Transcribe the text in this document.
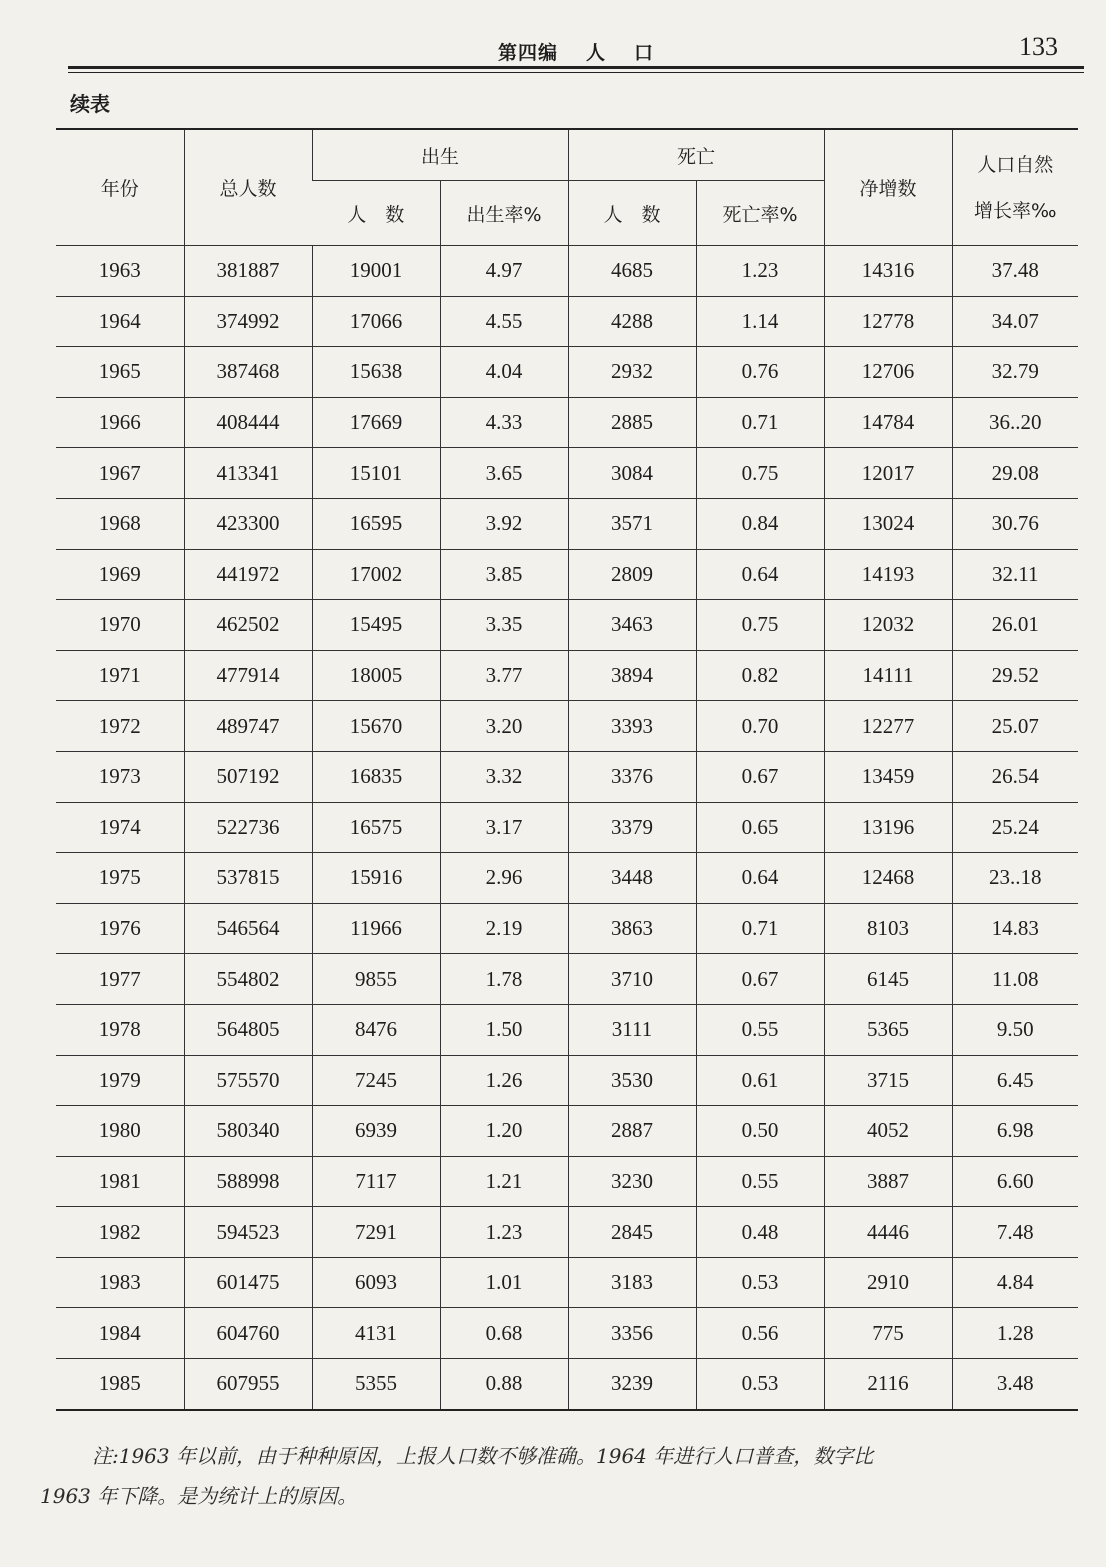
第四编 人 口	133
续表
年份	总人数	出生		死亡		净增数	人口自然
增长率‰

		人　数	出生率%	人　数	死亡率%		
1963	381887	19001	4.97	4685	1.23	14316	37.48
1964	374992	17066	4.55	4288	1.14	12778	34.07
1965	387468	15638	4.04	2932	0.76	12706	32.79
1966	408444	17669	4.33	2885	0.71	14784	36..20
1967	413341	15101	3.65	3084	0.75	12017	29.08
1968	423300	16595	3.92	3571	0.84	13024	30.76
1969	441972	17002	3.85	2809	0.64	14193	32.11
1970	462502	15495	3.35	3463	0.75	12032	26.01
1971	477914	18005	3.77	3894	0.82	14111	29.52
1972	489747	15670	3.20	3393	0.70	12277	25.07
1973	507192	16835	3.32	3376	0.67	13459	26.54
1974	522736	16575	3.17	3379	0.65	13196	25.24
1975	537815	15916	2.96	3448	0.64	12468	23..18
1976	546564	11966	2.19	3863	0.71	8103	14.83
1977	554802	9855	1.78	3710	0.67	6145	11.08
1978	564805	8476	1.50	3111	0.55	5365	9.50
1979	575570	7245	1.26	3530	0.61	3715	6.45
1980	580340	6939	1.20	2887	0.50	4052	6.98
1981	588998	7117	1.21	3230	0.55	3887	6.60
1982	594523	7291	1.23	2845	0.48	4446	7.48
1983	601475	6093	1.01	3183	0.53	2910	4.84
1984	604760	4131	0.68	3356	0.56	775	1.28
1985	607955	5355	0.88	3239	0.53	2116	3.48
注:1963 年以前，由于种种原因，上报人口数不够准确。1964 年进行人口普查，数字比
1963 年下降。是为统计上的原因。
